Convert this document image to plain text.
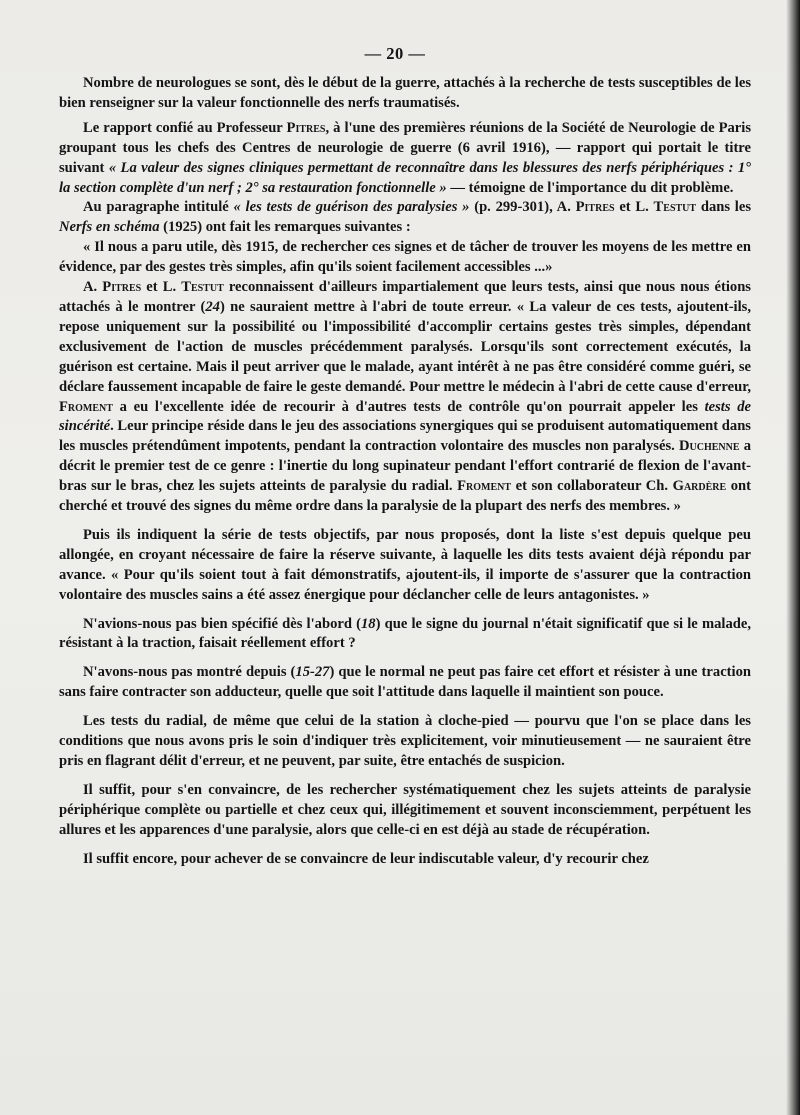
— 20 —

Nombre de neurologues se sont, dès le début de la guerre, attachés à la recherche de tests susceptibles de les bien renseigner sur la valeur fonctionnelle des nerfs traumatisés.

Le rapport confié au Professeur Pitres, à l'une des premières réunions de la Société de Neurologie de Paris groupant tous les chefs des Centres de neurologie de guerre (6 avril 1916), — rapport qui portait le titre suivant « La valeur des signes cliniques permettant de reconnaître dans les blessures des nerfs périphériques : 1° la section complète d'un nerf ; 2° sa restauration fonctionnelle » — témoigne de l'importance du dit problème.

Au paragraphe intitulé « les tests de guérison des paralysies » (p. 299-301), A. Pitres et L. Testut dans les Nerfs en schéma (1925) ont fait les remarques suivantes :

« Il nous a paru utile, dès 1915, de rechercher ces signes et de tâcher de trouver les moyens de les mettre en évidence, par des gestes très simples, afin qu'ils soient facilement accessibles ...»

A. Pitres et L. Testut reconnaissent d'ailleurs impartialement que leurs tests, ainsi que nous nous étions attachés à le montrer (24) ne sauraient mettre à l'abri de toute erreur. « La valeur de ces tests, ajoutent-ils, repose uniquement sur la possibilité ou l'impossibilité d'accomplir certains gestes très simples, dépendant exclusivement de l'action de muscles précédemment paralysés. Lorsqu'ils sont correctement exécutés, la guérison est certaine. Mais il peut arriver que le malade, ayant intérêt à ne pas être considéré comme guéri, se déclare faussement incapable de faire le geste demandé. Pour mettre le médecin à l'abri de cette cause d'erreur, Froment a eu l'excellente idée de recourir à d'autres tests de contrôle qu'on pourrait appeler les tests de sincérité. Leur principe réside dans le jeu des associations synergiques qui se produisent automatiquement dans les muscles prétendûment impotents, pendant la contraction volontaire des muscles non paralysés. Duchenne a décrit le premier test de ce genre : l'inertie du long supinateur pendant l'effort contrarié de flexion de l'avant-bras sur le bras, chez les sujets atteints de paralysie du radial. Froment et son collaborateur Ch. Gardère ont cherché et trouvé des signes du même ordre dans la paralysie de la plupart des nerfs des membres. »

Puis ils indiquent la série de tests objectifs, par nous proposés, dont la liste s'est depuis quelque peu allongée, en croyant nécessaire de faire la réserve suivante, à laquelle les dits tests avaient déjà répondu par avance. « Pour qu'ils soient tout à fait démonstratifs, ajoutent-ils, il importe de s'assurer que la contraction volontaire des muscles sains a été assez énergique pour déclancher celle de leurs antagonistes. »

N'avions-nous pas bien spécifié dès l'abord (18) que le signe du journal n'était significatif que si le malade, résistant à la traction, faisait réellement effort ?

N'avons-nous pas montré depuis (15-27) que le normal ne peut pas faire cet effort et résister à une traction sans faire contracter son adducteur, quelle que soit l'attitude dans laquelle il maintient son pouce.

Les tests du radial, de même que celui de la station à cloche-pied — pourvu que l'on se place dans les conditions que nous avons pris le soin d'indiquer très explicitement, voir minutieusement — ne sauraient être pris en flagrant délit d'erreur, et ne peuvent, par suite, être entachés de suspicion.

Il suffit, pour s'en convaincre, de les rechercher systématiquement chez les sujets atteints de paralysie périphérique complète ou partielle et chez ceux qui, illégitimement et souvent inconsciemment, perpétuent les allures et les apparences d'une paralysie, alors que celle-ci en est déjà au stade de récupération.

Il suffit encore, pour achever de se convaincre de leur indiscutable valeur, d'y recourir chez
